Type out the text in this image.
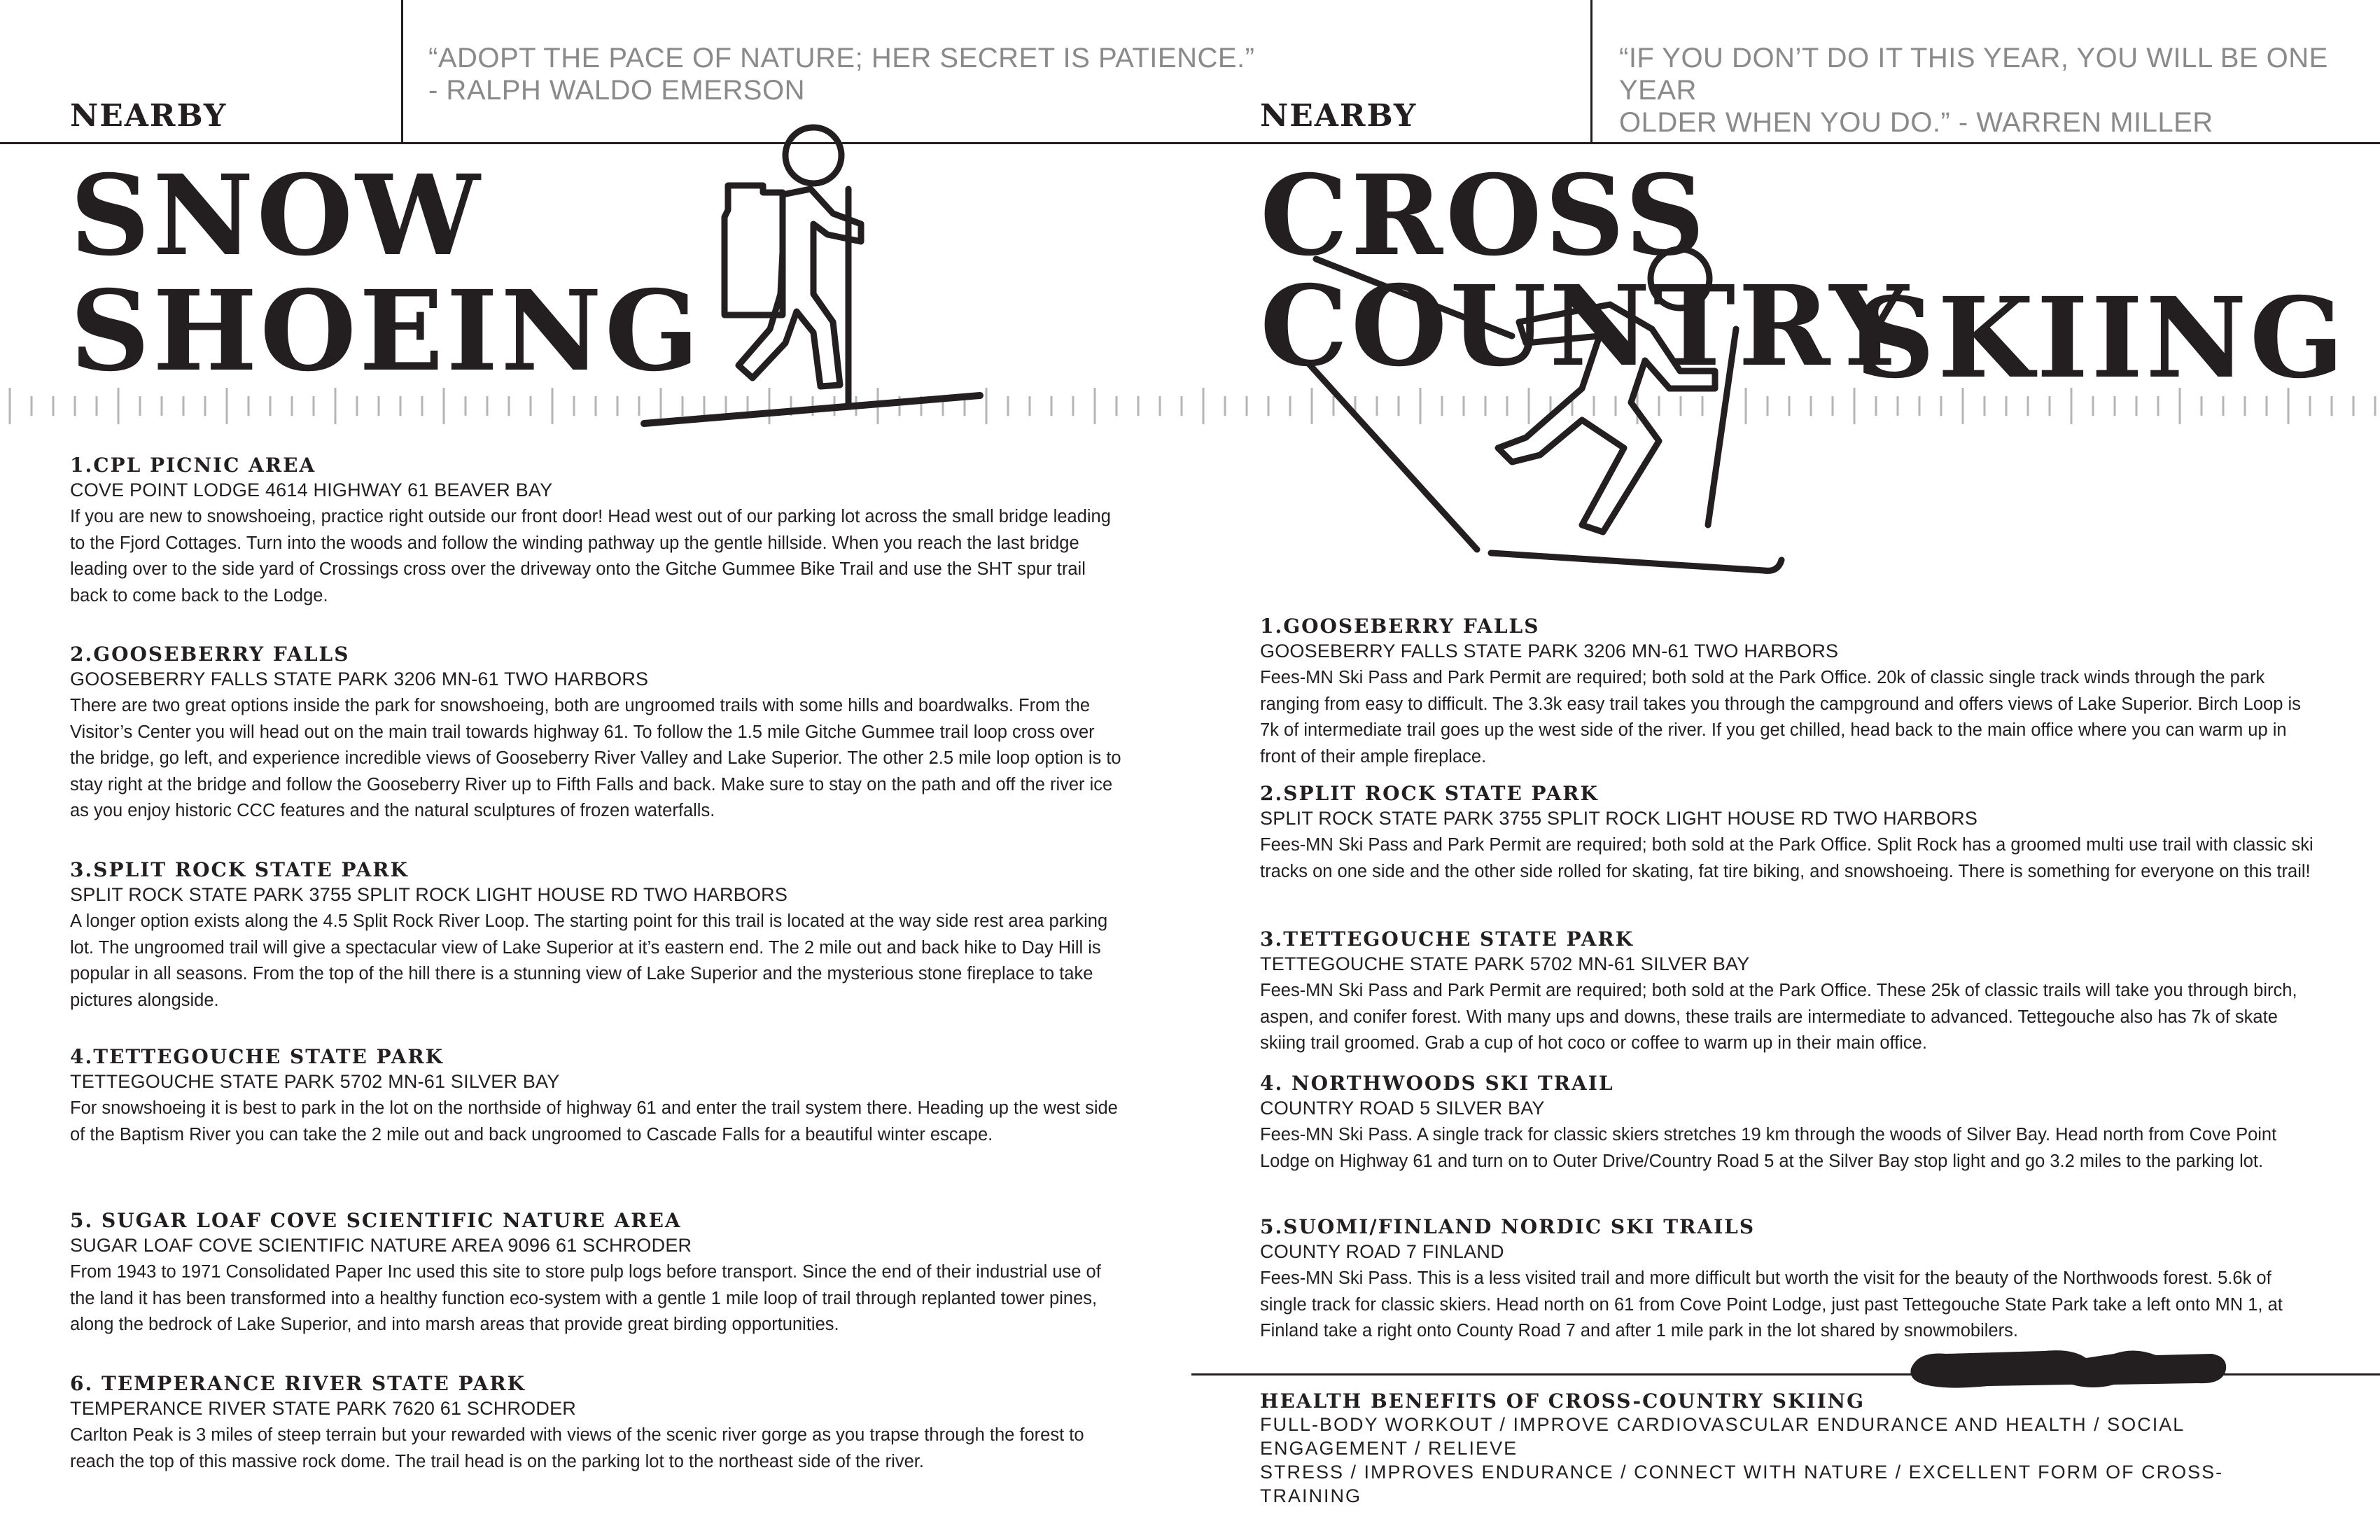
NEARBY
“ADOPT THE PACE OF NATURE; HER SECRET IS PATIENCE.”
- RALPH WALDO EMERSON
SNOW
SHOEING
NEARBY
“IF YOU DON’T DO IT THIS YEAR, YOU WILL BE ONE YEAR
OLDER WHEN YOU DO.” - WARREN MILLER
CROSS COUNTRY
SKIING
1.CPL PICNIC AREA
COVE POINT LODGE 4614 HIGHWAY 61 BEAVER BAY

If you are new to snowshoeing, practice right outside our front door! Head west out of our parking lot across the small bridge leading to the Fjord Cottages. Turn into the woods and follow the winding pathway up the gentle hillside. When you reach the last bridge leading over to the side yard of Crossings cross over the driveway onto the Gitche Gummee Bike Trail and use the SHT spur trail back to come back to the Lodge.

2.GOOSEBERRY FALLS
GOOSEBERRY FALLS STATE PARK 3206 MN-61 TWO HARBORS

There are two great options inside the park for snowshoeing, both are ungroomed trails with some hills and boardwalks. From the Visitor’s Center you will head out on the main trail towards highway 61. To follow the 1.5 mile Gitche Gummee trail loop cross over the bridge, go left, and experience incredible views of Gooseberry River Valley and Lake Superior. The other 2.5 mile loop option is to stay right at the bridge and follow the Gooseberry River up to Fifth Falls and back. Make sure to stay on the path and off the river ice as you enjoy historic CCC features and the natural sculptures of frozen waterfalls.

3.SPLIT ROCK STATE PARK
SPLIT ROCK STATE PARK 3755 SPLIT ROCK LIGHT HOUSE RD TWO HARBORS

A longer option exists along the 4.5 Split Rock River Loop. The starting point for this trail is located at the way side rest area parking lot. The ungroomed trail will give a spectacular view of Lake Superior at it’s eastern end. The 2 mile out and back hike to Day Hill is popular in all seasons. From the top of the hill there is a stunning view of Lake Superior and the mysterious stone fireplace to take pictures alongside.

4.TETTEGOUCHE STATE PARK
TETTEGOUCHE STATE PARK 5702 MN-61 SILVER BAY

For snowshoeing it is best to park in the lot on the northside of highway 61 and enter the trail system there. Heading up the west side of the Baptism River you can take the 2 mile out and back ungroomed to Cascade Falls for a beautiful winter escape.

5. SUGAR LOAF COVE SCIENTIFIC NATURE AREA
SUGAR LOAF COVE SCIENTIFIC NATURE AREA 9096 61 SCHRODER

From 1943 to 1971 Consolidated Paper Inc used this site to store pulp logs before transport. Since the end of their industrial use of the land it has been transformed into a healthy function eco-system with a gentle 1 mile loop of trail through replanted tower pines, along the bedrock of Lake Superior, and into marsh areas that provide great birding opportunities.

6. TEMPERANCE RIVER STATE PARK
TEMPERANCE RIVER STATE PARK 7620 61 SCHRODER

Carlton Peak is 3 miles of steep terrain but your rewarded with views of the scenic river gorge as you trapse through the forest to reach the top of this massive rock dome. The trail head is on the parking lot to the northeast side of the river.

1.GOOSEBERRY FALLS
GOOSEBERRY FALLS STATE PARK 3206 MN-61 TWO HARBORS

Fees-MN Ski Pass and Park Permit are required; both sold at the Park Office. 20k of classic single track winds through the park ranging from easy to difficult. The 3.3k easy trail takes you through the campground and offers views of Lake Superior. Birch Loop is 7k of intermediate trail goes up the west side of the river. If you get chilled, head back to the main office where you can warm up in front of their ample fireplace.

2.SPLIT ROCK STATE PARK
SPLIT ROCK STATE PARK 3755 SPLIT ROCK LIGHT HOUSE RD TWO HARBORS

Fees-MN Ski Pass and Park Permit are required; both sold at the Park Office. Split Rock has a groomed multi use trail with classic ski tracks on one side and the other side rolled for skating, fat tire biking, and snowshoeing. There is something for everyone on this trail!

3.TETTEGOUCHE STATE PARK
TETTEGOUCHE STATE PARK 5702 MN-61 SILVER BAY

Fees-MN Ski Pass and Park Permit are required; both sold at the Park Office. These 25k of classic trails will take you through birch, aspen, and conifer forest. With many ups and downs, these trails are intermediate to advanced. Tettegouche also has 7k of skate skiing trail groomed. Grab a cup of hot coco or coffee to warm up in their main office.

4. NORTHWOODS SKI TRAIL
COUNTRY ROAD 5 SILVER BAY

Fees-MN Ski Pass. A single track for classic skiers stretches 19 km through the woods of Silver Bay. Head north from Cove Point Lodge on Highway 61 and turn on to Outer Drive/Country Road 5 at the Silver Bay stop light and go 3.2 miles to the parking lot.

5.SUOMI/FINLAND NORDIC SKI TRAILS
COUNTY ROAD 7 FINLAND

Fees-MN Ski Pass. This is a less visited trail and more difficult but worth the visit for the beauty of the Northwoods forest. 5.6k of single track for classic skiers. Head north on 61 from Cove Point Lodge, just past Tettegouche State Park take a left onto MN 1, at Finland take a right onto County Road 7 and after 1 mile park in the lot shared by snowmobilers.

HEALTH BENEFITS OF CROSS-COUNTRY SKIING
FULL-BODY WORKOUT / IMPROVE CARDIOVASCULAR ENDURANCE AND HEALTH / SOCIAL ENGAGEMENT / RELIEVE
STRESS / IMPROVES ENDURANCE / CONNECT WITH NATURE / EXCELLENT FORM OF CROSS-TRAINING
